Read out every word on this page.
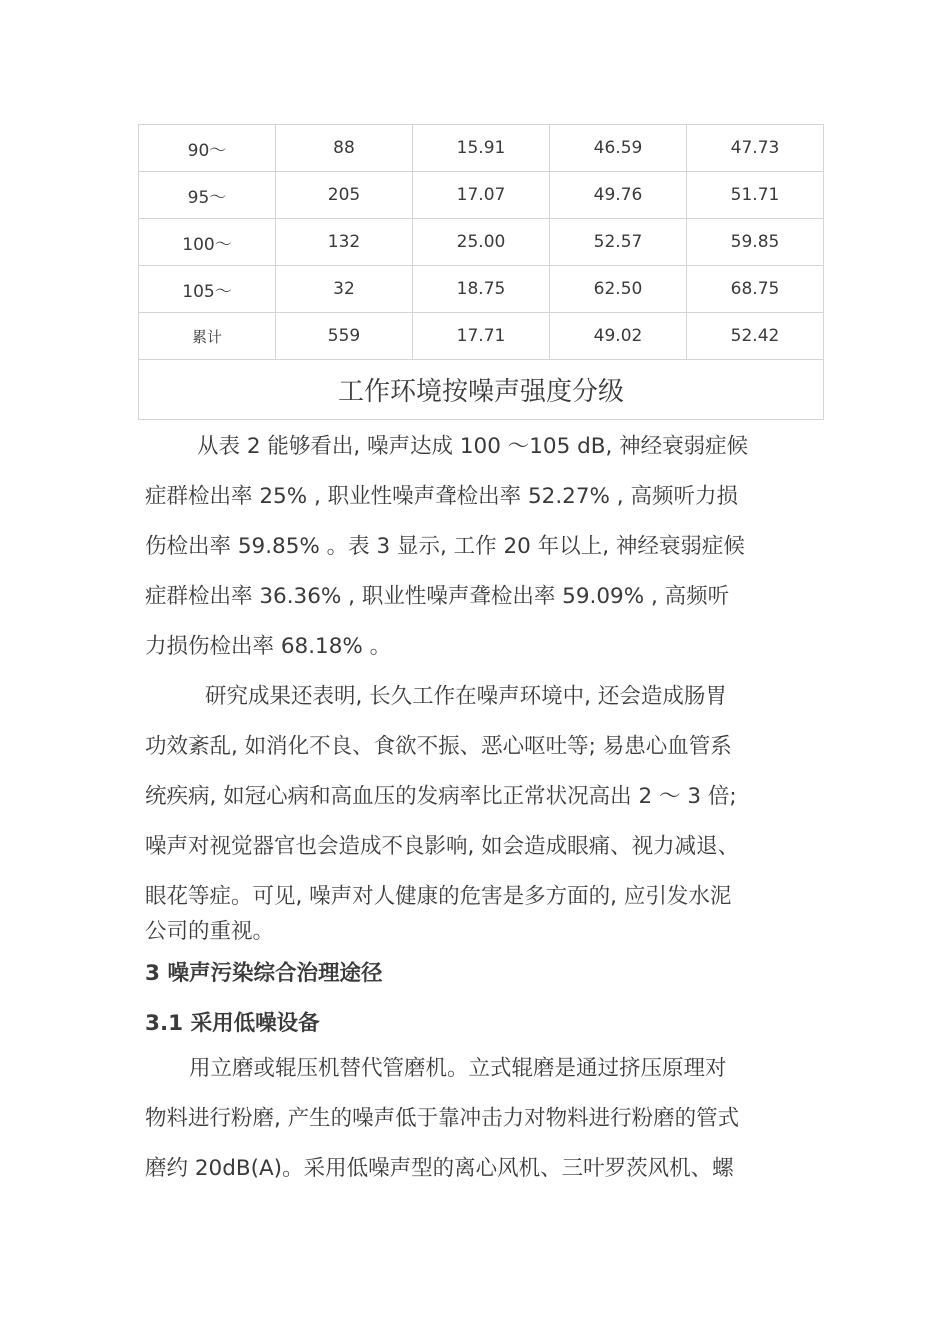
90～	88	15.91	46.59	47.73
95～	205	17.07	49.76	51.71
100～	132	25.00	52.57	59.85
105～	32	18.75	62.50	68.75
累计	559	17.71	49.02	52.42
工作环境按噪声强度分级				
从表 2 能够看出, 噪声达成 100 ～105 dB, 神经衰弱症候
症群检出率 25% , 职业性噪声聋检出率 52.27% , 高频听力损
伤检出率 59.85% 。表 3 显示, 工作 20 年以上, 神经衰弱症候
症群检出率 36.36% , 职业性噪声聋检出率 59.09% , 高频听
力损伤检出率 68.18% 。
研究成果还表明, 长久工作在噪声环境中, 还会造成肠胃
功效紊乱, 如消化不良、食欲不振、恶心呕吐等; 易患心血管系
统疾病, 如冠心病和高血压的发病率比正常状况高出 2 ～ 3 倍;
噪声对视觉器官也会造成不良影响, 如会造成眼痛、视力减退、
眼花等症。可见, 噪声对人健康的危害是多方面的, 应引发水泥
公司的重视。
3 噪声污染综合治理途径
3.1 采用低噪设备
用立磨或辊压机替代管磨机。立式辊磨是通过挤压原理对
物料进行粉磨, 产生的噪声低于靠冲击力对物料进行粉磨的管式
磨约 20dB(A)。采用低噪声型的离心风机、三叶罗茨风机、螺
